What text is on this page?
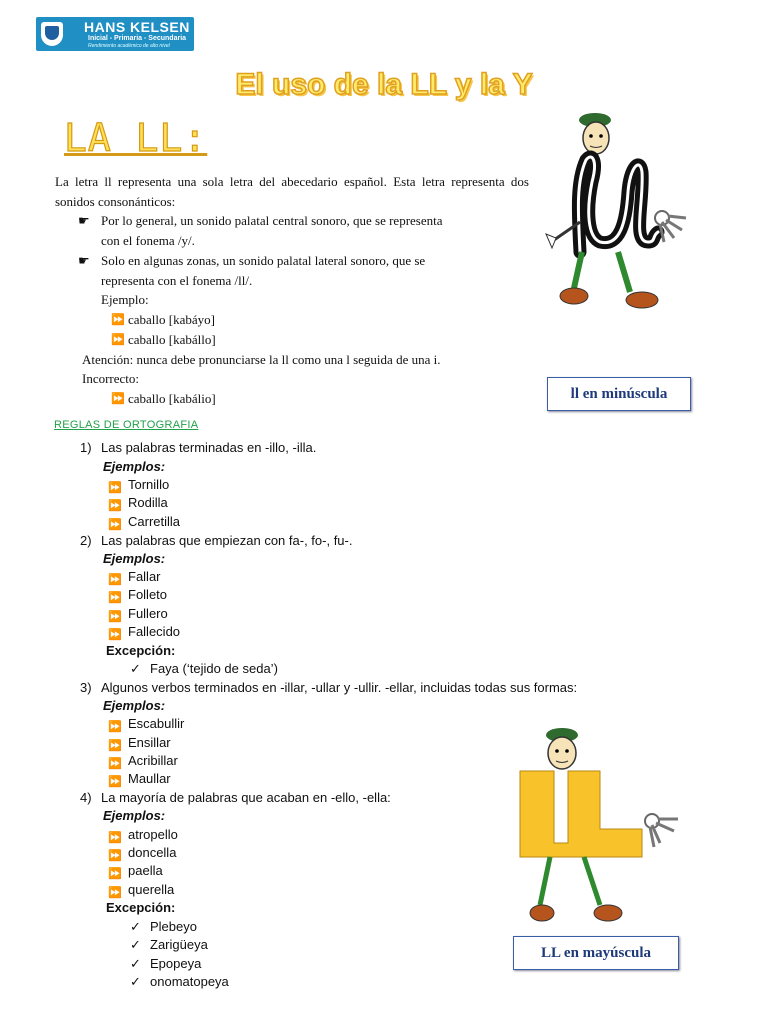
HANS KELSEN
Inicial - Primaria - Secundaria
Rendimiento académico de alto nivel
El uso de la LL y la Y
LA LL:
La letra ll representa una sola letra del abecedario español. Esta letra representa dos sonidos consonánticos:
☛ Por lo general, un sonido palatal central sonoro, que se representa
con el fonema /y/.
☛ Solo en algunas zonas, un sonido palatal lateral sonoro, que se
representa con el fonema /ll/.
Ejemplo:
⏩ caballo [kabáyo]
⏩ caballo [kabállo]
Atención: nunca debe pronunciarse la ll como una l seguida de una i.
Incorrecto:
⏩ caballo [kabálio]	ll en minúscula
REGLAS DE ORTOGRAFIA
1) Las palabras terminadas en -illo, -illa.
Ejemplos:
⏩ Tornillo
⏩ Rodilla
⏩ Carretilla
2) Las palabras que empiezan con fa-, fo-, fu-.
Ejemplos:
⏩ Fallar
⏩ Folleto
⏩ Fullero
⏩ Fallecido
Excepción:
✓ Faya (‘tejido de seda’)
3) Algunos verbos terminados en -illar, -ullar y -ullir. -ellar, incluidas todas sus formas:
Ejemplos:
⏩ Escabullir
⏩ Ensillar
⏩ Acribillar
⏩ Maullar
4) La mayoría de palabras que acaban en -ello, -ella:
Ejemplos:
⏩ atropello
⏩ doncella
⏩ paella
⏩ querella
Excepción:
✓ Plebeyo
✓ Zarigüeya
✓ Epopeya
✓ onomatopeya
LL en mayúscula
